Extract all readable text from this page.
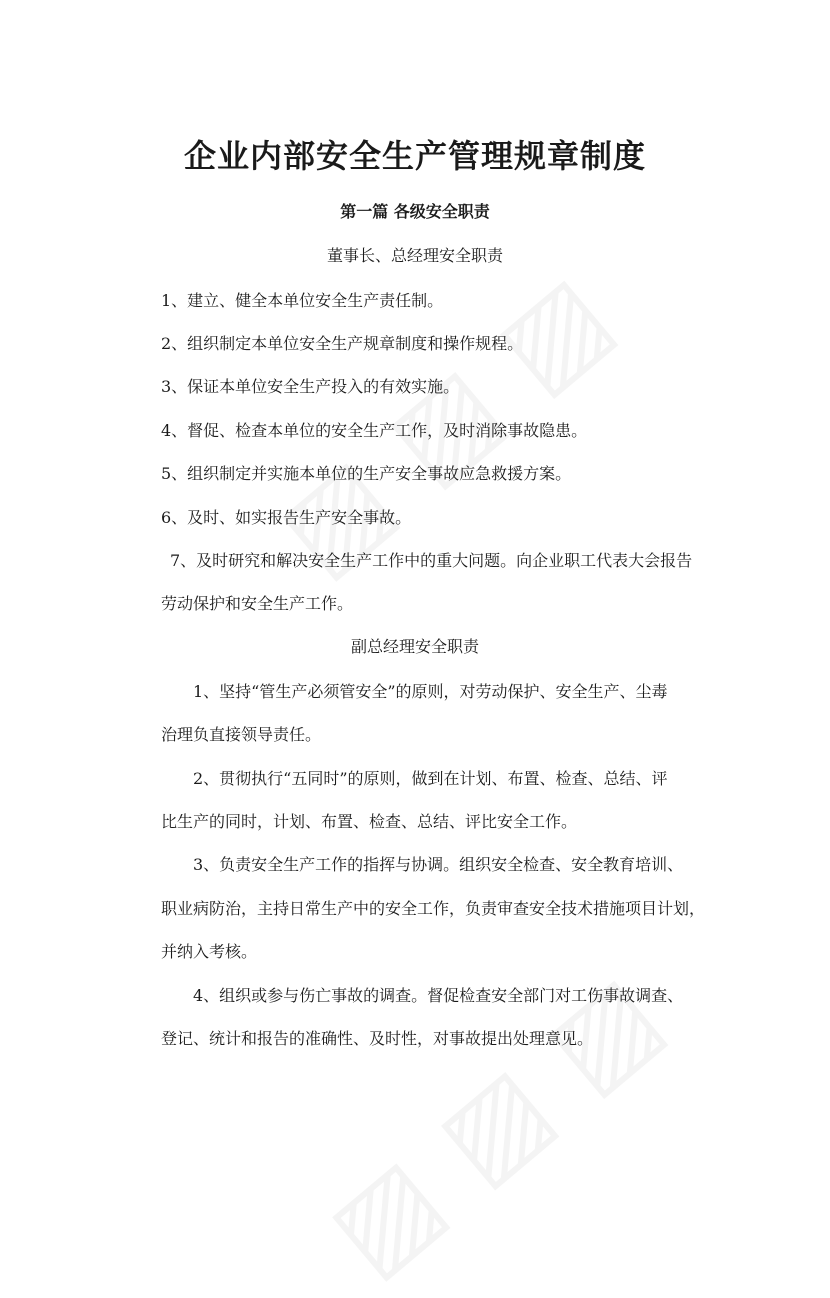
企业内部安全生产管理规章制度
第一篇 各级安全职责
董事长、总经理安全职责
1、建立、健全本单位安全生产责任制。
2、组织制定本单位安全生产规章制度和操作规程。
3、保证本单位安全生产投入的有效实施。
4、督促、检查本单位的安全生产工作，及时消除事故隐患。
5、组织制定并实施本单位的生产安全事故应急救援方案。
6、及时、如实报告生产安全事故。
7、及时研究和解决安全生产工作中的重大问题。向企业职工代表大会报告
劳动保护和安全生产工作。
副总经理安全职责
1、坚持“管生产必须管安全”的原则，对劳动保护、安全生产、尘毒
治理负直接领导责任。
2、贯彻执行“五同时”的原则，做到在计划、布置、检查、总结、评
比生产的同时，计划、布置、检查、总结、评比安全工作。
3、负责安全生产工作的指挥与协调。组织安全检查、安全教育培训、
职业病防治，主持日常生产中的安全工作，负责审查安全技术措施项目计划，
并纳入考核。
4、组织或参与伤亡事故的调查。督促检查安全部门对工伤事故调查、
登记、统计和报告的准确性、及时性，对事故提出处理意见。
